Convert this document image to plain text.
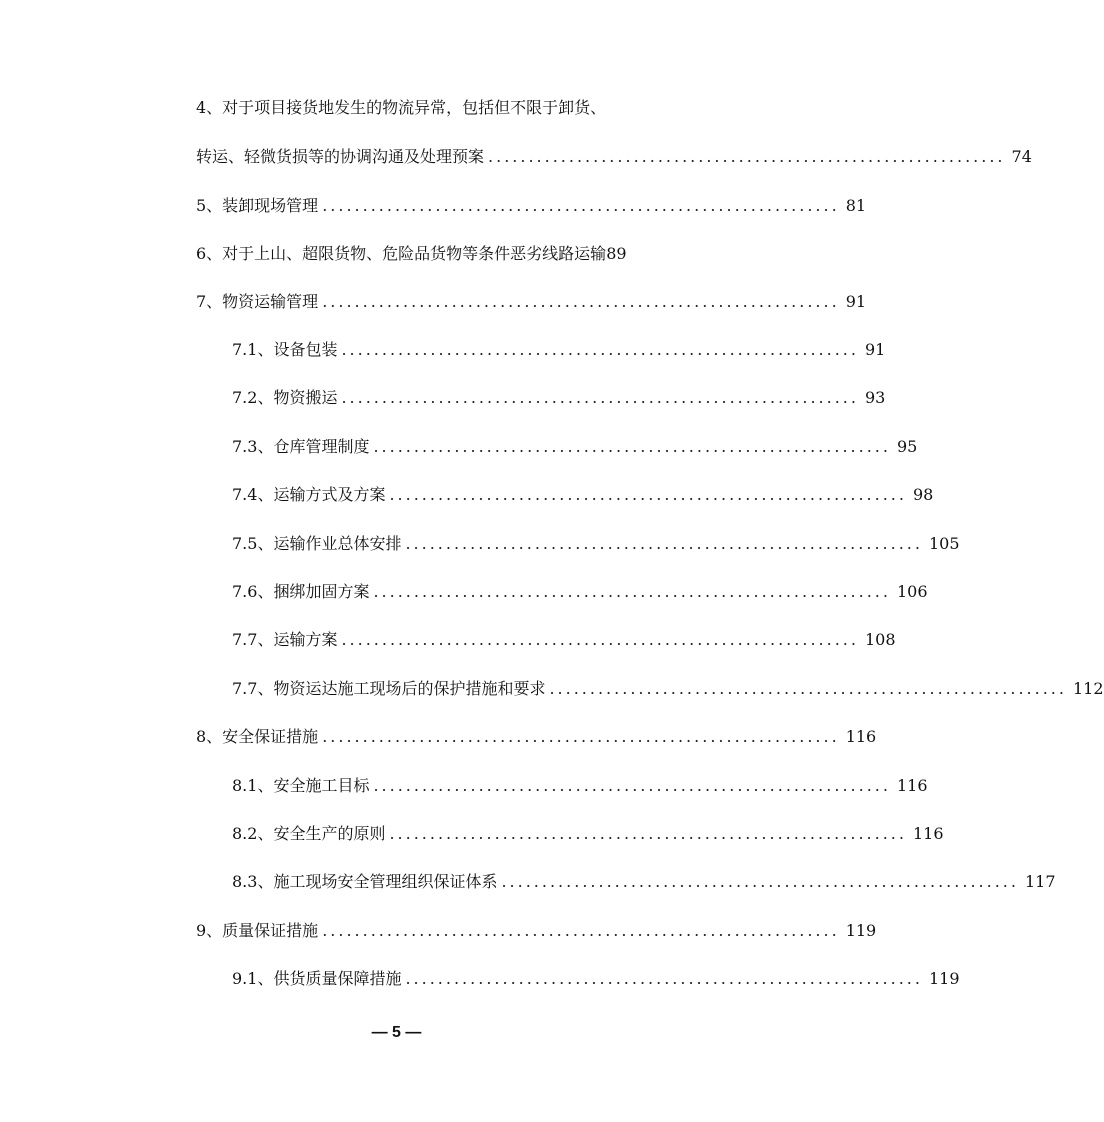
4、对于项目接货地发生的物流异常，包括但不限于卸货、
转运、轻微货损等的协调沟通及处理预案 ................................................................ 74
5、装卸现场管理 ................................................................ 81
6、对于上山、超限货物、危险品货物等条件恶劣线路运输89
7、物资运输管理 ................................................................ 91
7.1、设备包装 ................................................................ 91
7.2、物资搬运 ................................................................ 93
7.3、仓库管理制度 ................................................................ 95
7.4、运输方式及方案 ................................................................ 98
7.5、运输作业总体安排 ................................................................ 105
7.6、捆绑加固方案 ................................................................ 106
7.7、运输方案 ................................................................ 108
7.7、物资运达施工现场后的保护措施和要求 ................................................................ 112
8、安全保证措施 ................................................................ 116
8.1、安全施工目标 ................................................................ 116
8.2、安全生产的原则 ................................................................ 116
8.3、施工现场安全管理组织保证体系 ................................................................ 117
9、质量保证措施 ................................................................ 119
9.1、供货质量保障措施 ................................................................ 119
— 5 —
